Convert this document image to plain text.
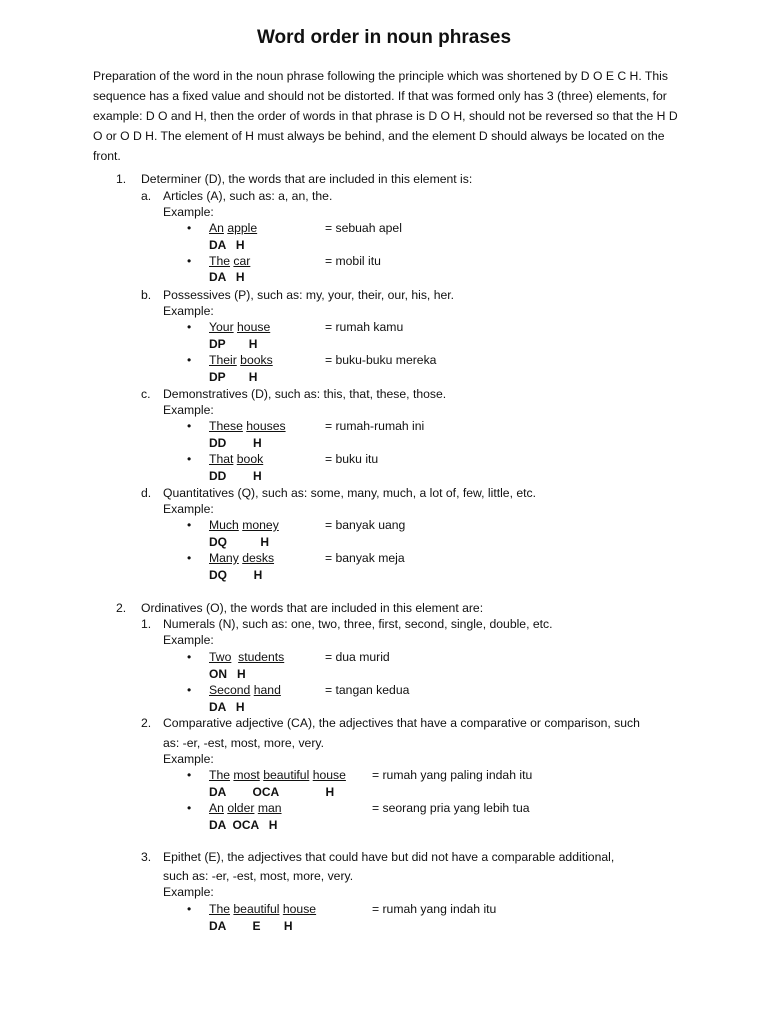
Word order in noun phrases
Preparation of the word in the noun phrase following the principle which was shortened by D O E C H. This sequence has a fixed value and should not be distorted. If that was formed only has 3 (three) elements, for example: D O and H, then the order of words in that phrase is D O H, should not be reversed so that the H D O or O D H. The element of H must always be behind, and the element D should always be located on the front.
1. Determiner (D), the words that are included in this element is:
a. Articles (A), such as: a, an, the.
Example:
• An apple	= sebuah apel
DA   H
• The car	= mobil itu
DA   H
b. Possessives (P), such as: my, your, their, our, his, her.
Example:
• Your house	= rumah kamu
DP       H
• Their books	= buku-buku mereka
DP       H
c. Demonstratives (D), such as: this, that, these, those.
Example:
• These houses	= rumah-rumah ini
DD        H
• That book	= buku itu
DD        H
d. Quantitatives (Q), such as: some, many, much, a lot of, few, little, etc.
Example:
• Much money	= banyak uang
DQ          H
• Many desks	= banyak meja
DQ        H
2. Ordinatives (O), the words that are included in this element are:
1. Numerals (N), such as: one, two, three, first, second, single, double, etc.
Example:
• Two students	= dua murid
ON   H
• Second hand	= tangan kedua
DA   H
2. Comparative adjective (CA), the adjectives that have a comparative or comparison, such
as: -er, -est, most, more, very.
Example:
• The most beautiful house = rumah yang paling indah itu
DA        OCA              H
• An older man	= seorang pria yang lebih tua
DA  OCA   H
3. Epithet (E), the adjectives that could have but did not have a comparable additional,
such as: -er, -est, most, more, very.
Example:
• The beautiful house	= rumah yang indah itu
DA        E       H
